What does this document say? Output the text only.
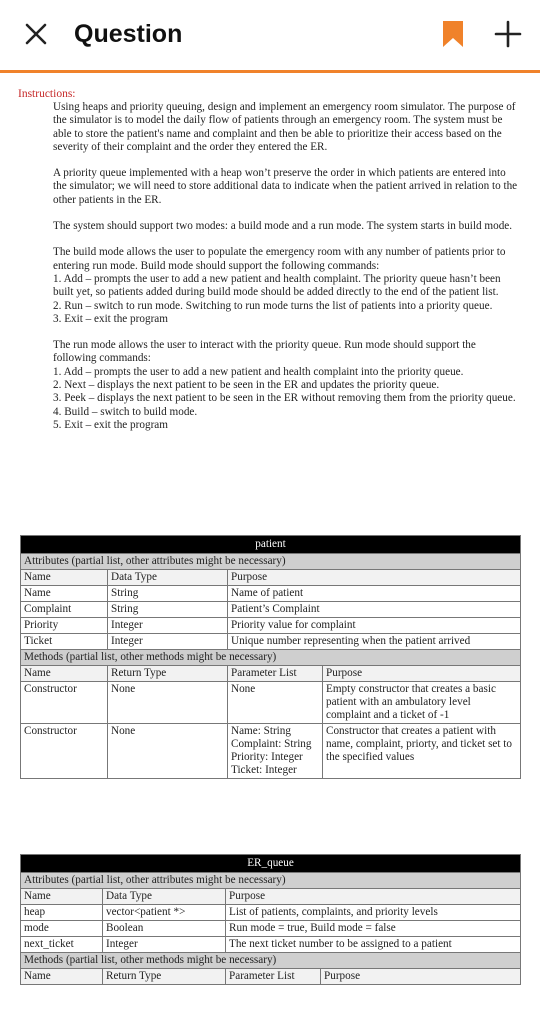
Question
Instructions:

Using heaps and priority queuing, design and implement an emergency room simulator. The purpose of the simulator is to model the daily flow of patients through an emergency room. The system must be able to store the patient's name and complaint and then be able to prioritize their access based on the severity of their complaint and the order they entered the ER.

A priority queue implemented with a heap won’t preserve the order in which patients are entered into the simulator; we will need to store additional data to indicate when the patient arrived in relation to the other patients in the ER.

The system should support two modes: a build mode and a run mode. The system starts in build mode.

The build mode allows the user to populate the emergency room with any number of patients prior to entering run mode. Build mode should support the following commands:

1. Add – prompts the user to add a new patient and health complaint. The priority queue hasn’t been built yet, so patients added during build mode should be added directly to the end of the patient list.

2. Run – switch to run mode. Switching to run mode turns the list of patients into a priority queue.

3. Exit – exit the program

The run mode allows the user to interact with the priority queue. Run mode should support the following commands:

1. Add – prompts the user to add a new patient and health complaint into the priority queue.

2. Next – displays the next patient to be seen in the ER and updates the priority queue.

3. Peek – displays the next patient to be seen in the ER without removing them from the priority queue.

4. Build – switch to build mode.

5. Exit – exit the program

patient			
Attributes (partial list, other attributes might be necessary)			
Name	Data Type	Purpose	
Name	String	Name of patient	
Complaint	String	Patient’s Complaint	
Priority	Integer	Priority value for complaint	
Ticket	Integer	Unique number representing when the patient arrived	
Methods (partial list, other methods might be necessary)			
Name	Return Type	Parameter List	Purpose
Constructor	None	None	Empty constructor that creates a basic patient with an ambulatory level complaint and a ticket of -1
Constructor	None	Name: String
Complaint: String
Priority: Integer
Ticket: Integer	Constructor that creates a patient with name, complaint, priorty, and ticket set to the specified values
ER_queue			
Attributes (partial list, other attributes might be necessary)			
Name	Data Type	Purpose	
heap	vector<patient *>	List of patients, complaints, and priority levels	
mode	Boolean	Run mode = true, Build mode = false	
next_ticket	Integer	The next ticket number to be assigned to a patient	
Methods (partial list, other methods might be necessary)			
Name	Return Type	Parameter List	Purpose
